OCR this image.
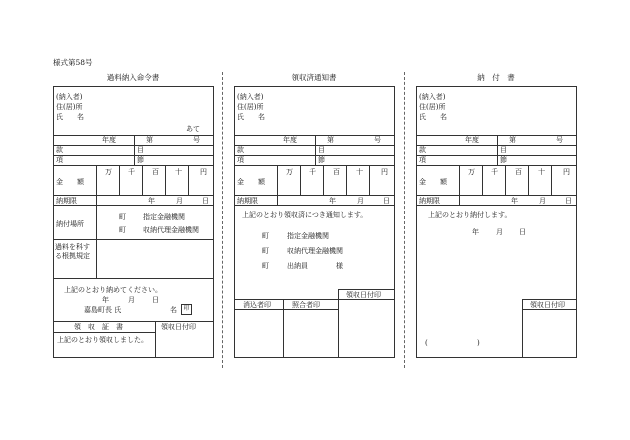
様式第58号
過料納入命令書
(納入者)
住(居)所
氏　　名
あて
年度	第	号
款	目
項	節
金　　額
万 千 百 十	円
納期限	年	月	日
納付場所
町 指定金融機関
町 収納代理金融機関
過料を科する根拠規定
上記のとおり納めてください。
年	月 日
嘉島町長 氏	名	印
領　収　証　書	領収日付印
上記のとおり領収しました。
領収済通知書
(納入者)
住(居)所
氏　　名
年度	第	号
款	目
項	節
金　　額
万 千 百 十	円
納期限	年	月	日
上記のとおり領収済につき通知します。
町	指定金融機関
町	収納代理金融機関
町	出納員	様
領収日付印
消込者印	照合者印
納　付　書
(納入者)
住(居)所
氏　　名
年度	第	号
款	目
項	節
金　　額
万 千 百 十	円
納期限	年	月	日
上記のとおり納付します。
年 月 日
領収日付印
(	)
